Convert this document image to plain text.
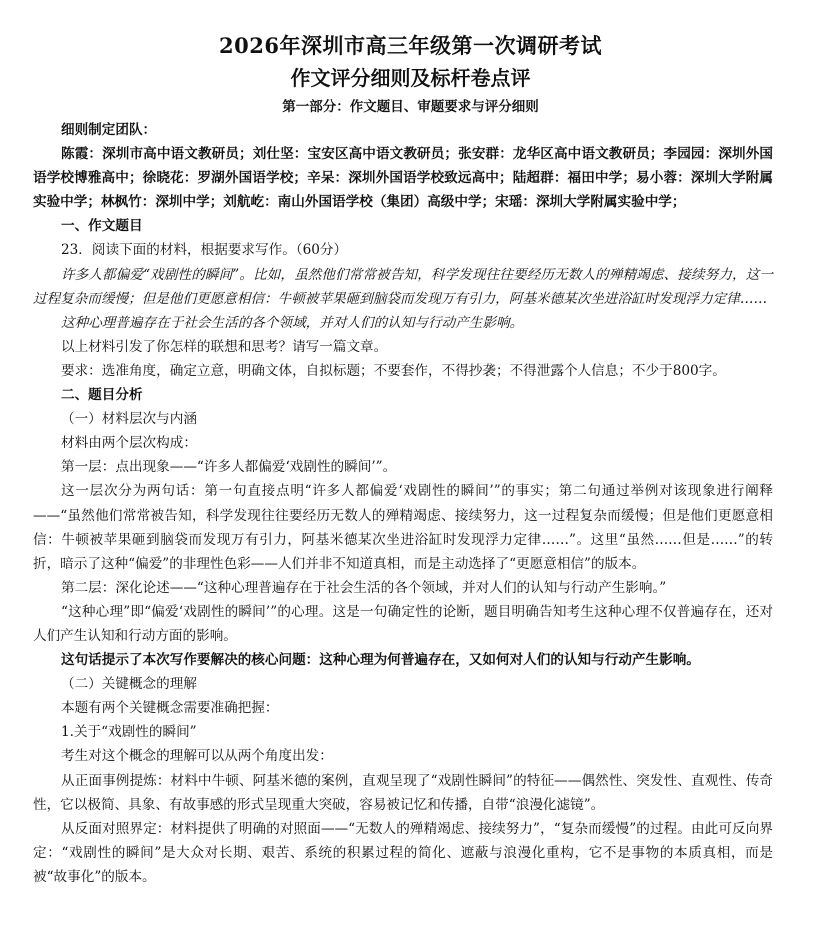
2026年深圳市高三年级第一次调研考试
作文评分细则及标杆卷点评
第一部分：作文题目、审题要求与评分细则

细则制定团队：

陈霞：深圳市高中语文教研员；刘仕坚：宝安区高中语文教研员；张安群：龙华区高中语文教研员；李园园：深圳外国语学校博雅高中；徐晓花：罗湖外国语学校；辛呆：深圳外国语学校致远高中；陆超群：福田中学；易小蓉：深圳大学附属实验中学；林枫竹：深圳中学；刘航屹：南山外国语学校（集团）高级中学；宋瑶：深圳大学附属实验中学；

一、作文题目

23．阅读下面的材料，根据要求写作。（60分）

许多人都偏爱“戏剧性的瞬间”。比如，虽然他们常常被告知，科学发现往往要经历无数人的殚精竭虑、接续努力，这一过程复杂而缓慢；但是他们更愿意相信：牛顿被苹果砸到脑袋而发现万有引力，阿基米德某次坐进浴缸时发现浮力定律……

这种心理普遍存在于社会生活的各个领域，并对人们的认知与行动产生影响。

以上材料引发了你怎样的联想和思考？请写一篇文章。

要求：选准角度，确定立意，明确文体，自拟标题；不要套作，不得抄袭；不得泄露个人信息；不少于800字。

二、题目分析

（一）材料层次与内涵

材料由两个层次构成：

第一层：点出现象——“许多人都偏爱‘戏剧性的瞬间’”。

这一层次分为两句话：第一句直接点明“许多人都偏爱‘戏剧性的瞬间’”的事实；第二句通过举例对该现象进行阐释——“虽然他们常常被告知，科学发现往往要经历无数人的殚精竭虑、接续努力，这一过程复杂而缓慢；但是他们更愿意相信：牛顿被苹果砸到脑袋而发现万有引力，阿基米德某次坐进浴缸时发现浮力定律……”。这里“虽然……但是……”的转折，暗示了这种“偏爱”的非理性色彩——人们并非不知道真相，而是主动选择了“更愿意相信”的版本。

第二层：深化论述——“这种心理普遍存在于社会生活的各个领域，并对人们的认知与行动产生影响。”

“这种心理”即“偏爱‘戏剧性的瞬间’”的心理。这是一句确定性的论断，题目明确告知考生这种心理不仅普遍存在，还对人们产生认知和行动方面的影响。

这句话提示了本次写作要解决的核心问题：这种心理为何普遍存在，又如何对人们的认知与行动产生影响。

（二）关键概念的理解

本题有两个关键概念需要准确把握：

1.关于“戏剧性的瞬间”

考生对这个概念的理解可以从两个角度出发：

从正面事例提炼：材料中牛顿、阿基米德的案例，直观呈现了“戏剧性瞬间”的特征——偶然性、突发性、直观性、传奇性，它以极简、具象、有故事感的形式呈现重大突破，容易被记忆和传播，自带“浪漫化滤镜”。

从反面对照界定：材料提供了明确的对照面——“无数人的殚精竭虑、接续努力”，“复杂而缓慢”的过程。由此可反向界定：“戏剧性的瞬间”是大众对长期、艰苦、系统的积累过程的简化、遮蔽与浪漫化重构，它不是事物的本质真相，而是被“故事化”的版本。
